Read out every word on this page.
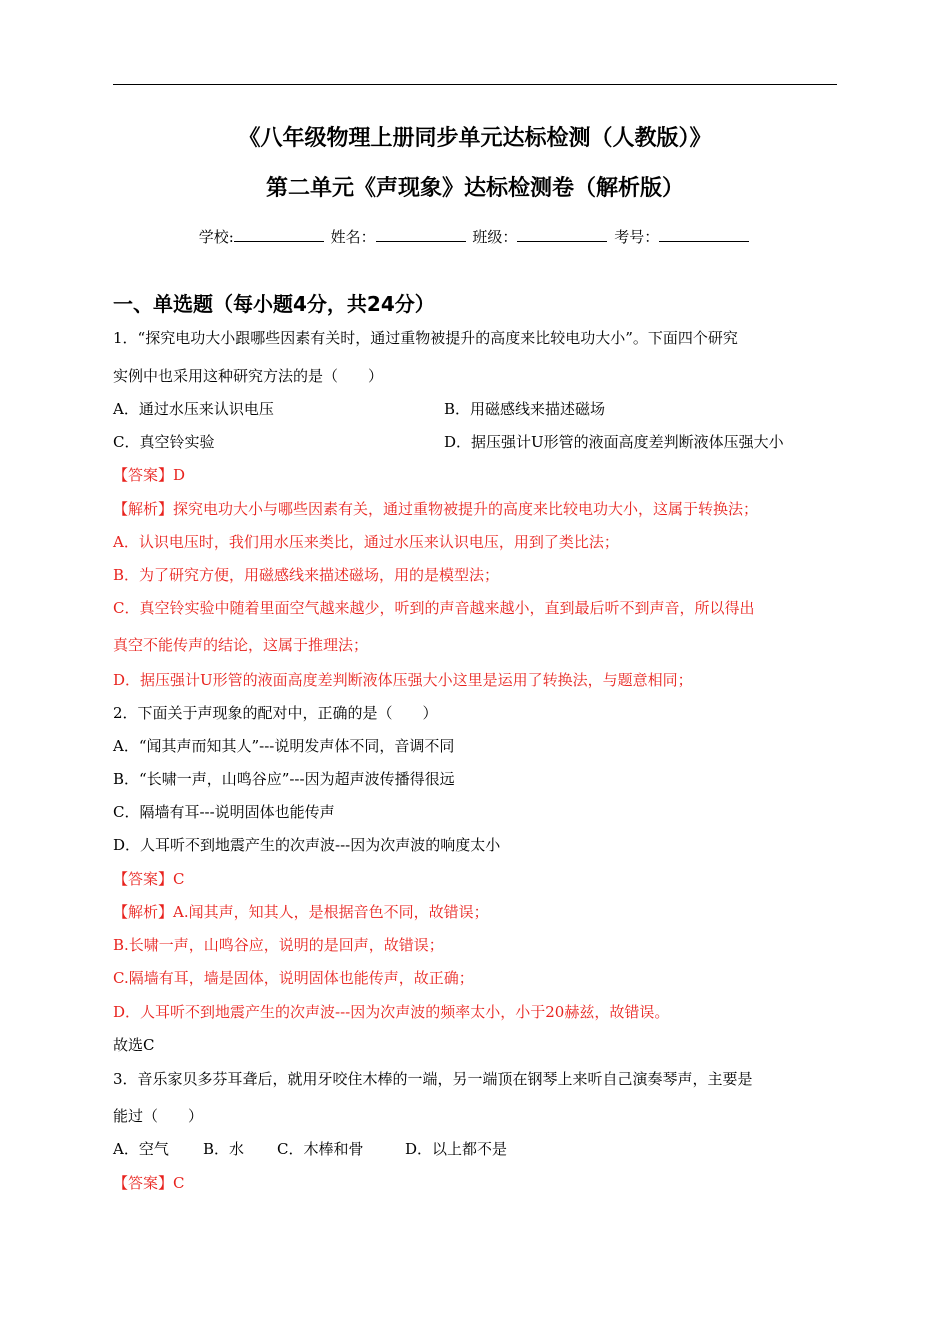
《八年级物理上册同步单元达标检测（人教版）》
第二单元《声现象》达标检测卷（解析版）
学校:	姓名：	班级：	考号：
一、单选题（每小题4分，共24分）
1．“探究电功大小跟哪些因素有关时，通过重物被提升的高度来比较电功大小”。下面四个研究
实例中也采用这种研究方法的是（　　）
A．通过水压来认识电压	B．用磁感线来描述磁场
C．真空铃实验	D．据压强计U形管的液面高度差判断液体压强大小
【答案】D
【解析】探究电功大小与哪些因素有关，通过重物被提升的高度来比较电功大小，这属于转换法；
A．认识电压时，我们用水压来类比，通过水压来认识电压，用到了类比法；
B．为了研究方便，用磁感线来描述磁场，用的是模型法；
C．真空铃实验中随着里面空气越来越少，听到的声音越来越小，直到最后听不到声音，所以得出
真空不能传声的结论，这属于推理法；
D．据压强计U形管的液面高度差判断液体压强大小这里是运用了转换法，与题意相同；
2．下面关于声现象的配对中，正确的是（　　）
A．“闻其声而知其人”---说明发声体不同，音调不同
B．“长啸一声，山鸣谷应”---因为超声波传播得很远
C．隔墙有耳---说明固体也能传声
D．人耳听不到地震产生的次声波---因为次声波的响度太小
【答案】C
【解析】A.闻其声，知其人，是根据音色不同，故错误；
B.长啸一声，山鸣谷应，说明的是回声，故错误；
C.隔墙有耳，墙是固体，说明固体也能传声，故正确；
D．人耳听不到地震产生的次声波---因为次声波的频率太小，小于20赫兹，故错误。
故选C
3．音乐家贝多芬耳聋后，就用牙咬住木棒的一端，另一端顶在钢琴上来听自己演奏琴声，主要是
能过（　　）
A．空气 B．水 C．木棒和骨	D．以上都不是
【答案】C
